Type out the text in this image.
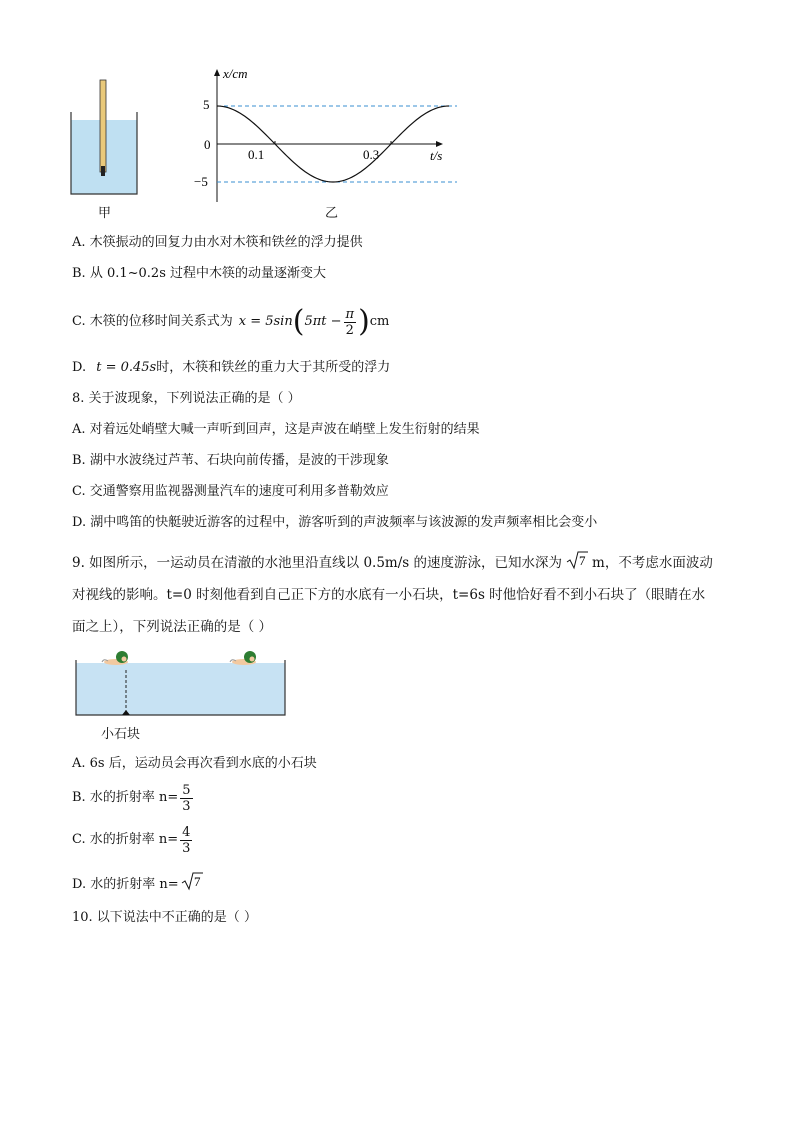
甲
x/cm
t/s
5
0
−5
0.1	0.3
乙
A. 木筷振动的回复力由水对木筷和铁丝的浮力提供
B. 从 0.1~0.2s 过程中木筷的动量逐渐变大
C. 木筷的位移时间关系式为 x = 5sin ( $5\pi t - \frac{\pi}{2}$ ) cm
D. t = 0.45s时，木筷和铁丝的重力大于其所受的浮力
8. 关于波现象，下列说法正确的是（ ）
A. 对着远处峭壁大喊一声听到回声，这是声波在峭壁上发生衍射的结果
B. 湖中水波绕过芦苇、石块向前传播，是波的干涉现象
C. 交通警察用监视器测量汽车的速度可利用多普勒效应
D. 湖中鸣笛的快艇驶近游客的过程中，游客听到的声波频率与该波源的发声频率相比会变小
9. 如图所示，一运动员在清澈的水池里沿直线以 0.5m/s 的速度游泳，已知水深为 7 m，不考虑水面波动
对视线的影响。t=0 时刻他看到自己正下方的水底有一小石块，t=6s 时他恰好看不到小石块了（眼睛在水
面之上），下列说法正确的是（ ）
小石块
A. 6s 后，运动员会再次看到水底的小石块
B. 水的折射率 $n= \frac{5}{3}$
C. 水的折射率 $n= \frac{4}{3}$
D. 水的折射率 n= 7
10. 以下说法中不正确的是（ ）
